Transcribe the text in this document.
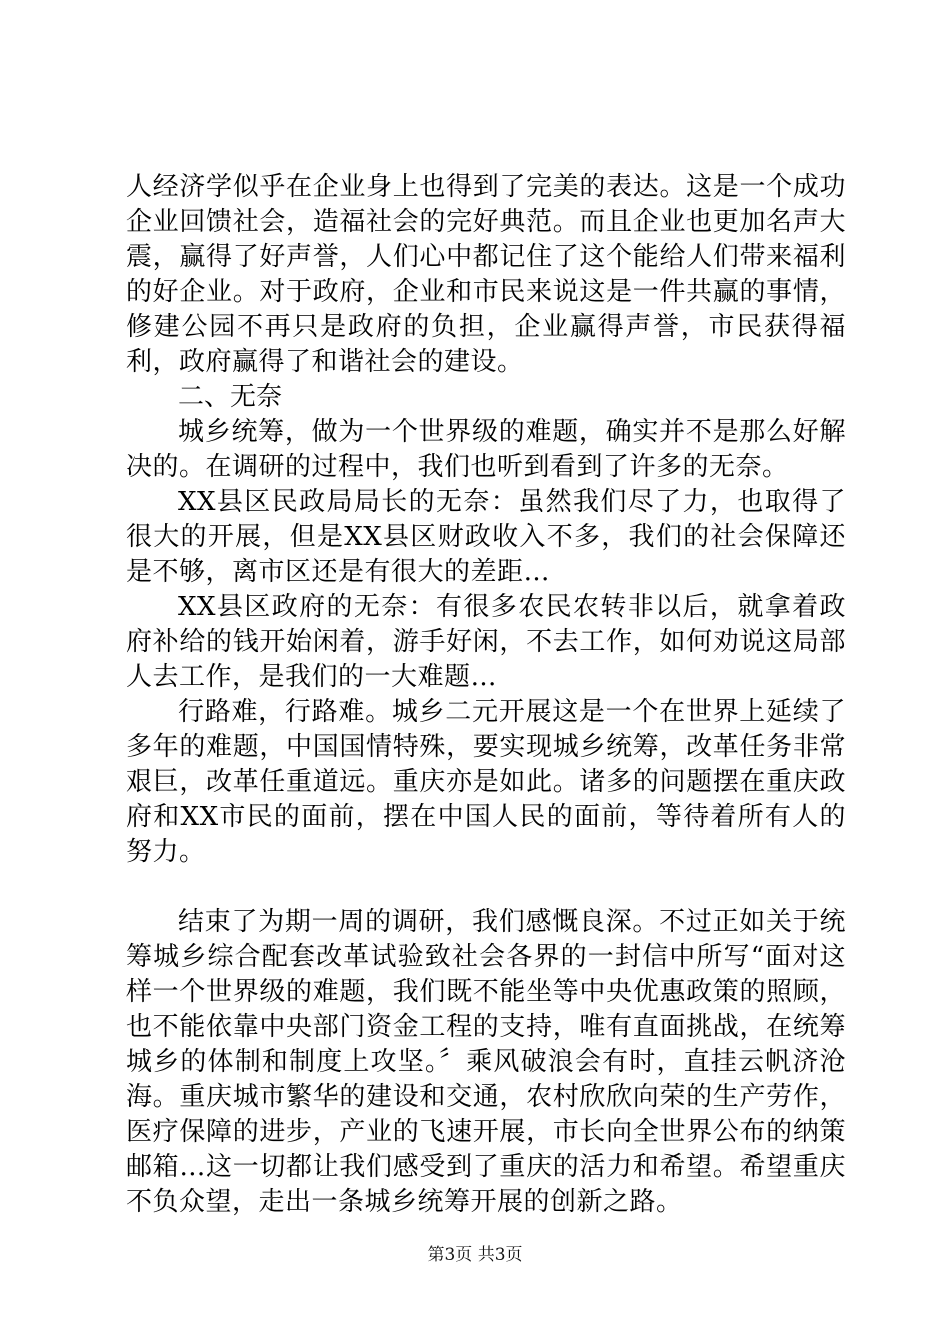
人经济学似乎在企业身上也得到了完美的表达。这是一个成功企业回馈社会，造福社会的完好典范。而且企业也更加名声大震，赢得了好声誉，人们心中都记住了这个能给人们带来福利的好企业。对于政府，企业和市民来说这是一件共赢的事情，修建公园不再只是政府的负担，企业赢得声誉，市民获得福利，政府赢得了和谐社会的建设。

二、无奈

城乡统筹，做为一个世界级的难题，确实并不是那么好解决的。在调研的过程中，我们也听到看到了许多的无奈。

XX县区民政局局长的无奈：虽然我们尽了力，也取得了很大的开展，但是XX县区财政收入不多，我们的社会保障还是不够，离市区还是有很大的差距…

XX县区政府的无奈：有很多农民农转非以后，就拿着政府补给的钱开始闲着，游手好闲，不去工作，如何劝说这局部人去工作，是我们的一大难题…

行路难，行路难。城乡二元开展这是一个在世界上延续了多年的难题，中国国情特殊，要实现城乡统筹，改革任务非常艰巨，改革任重道远。重庆亦是如此。诸多的问题摆在重庆政府和XX市民的面前，摆在中国人民的面前，等待着所有人的努力。

结束了为期一周的调研，我们感慨良深。不过正如关于统筹城乡综合配套改革试验致社会各界的一封信中所写“面对这样一个世界级的难题，我们既不能坐等中央优惠政策的照顾，也不能依靠中央部门资金工程的支持，唯有直面挑战，在统筹城乡的体制和制度上攻坚。〞乘风破浪会有时，直挂云帆济沧海。重庆城市繁华的建设和交通，农村欣欣向荣的生产劳作，医疗保障的进步，产业的飞速开展，市长向全世界公布的纳策邮箱…这一切都让我们感受到了重庆的活力和希望。希望重庆不负众望，走出一条城乡统筹开展的创新之路。

第3页 共3页
